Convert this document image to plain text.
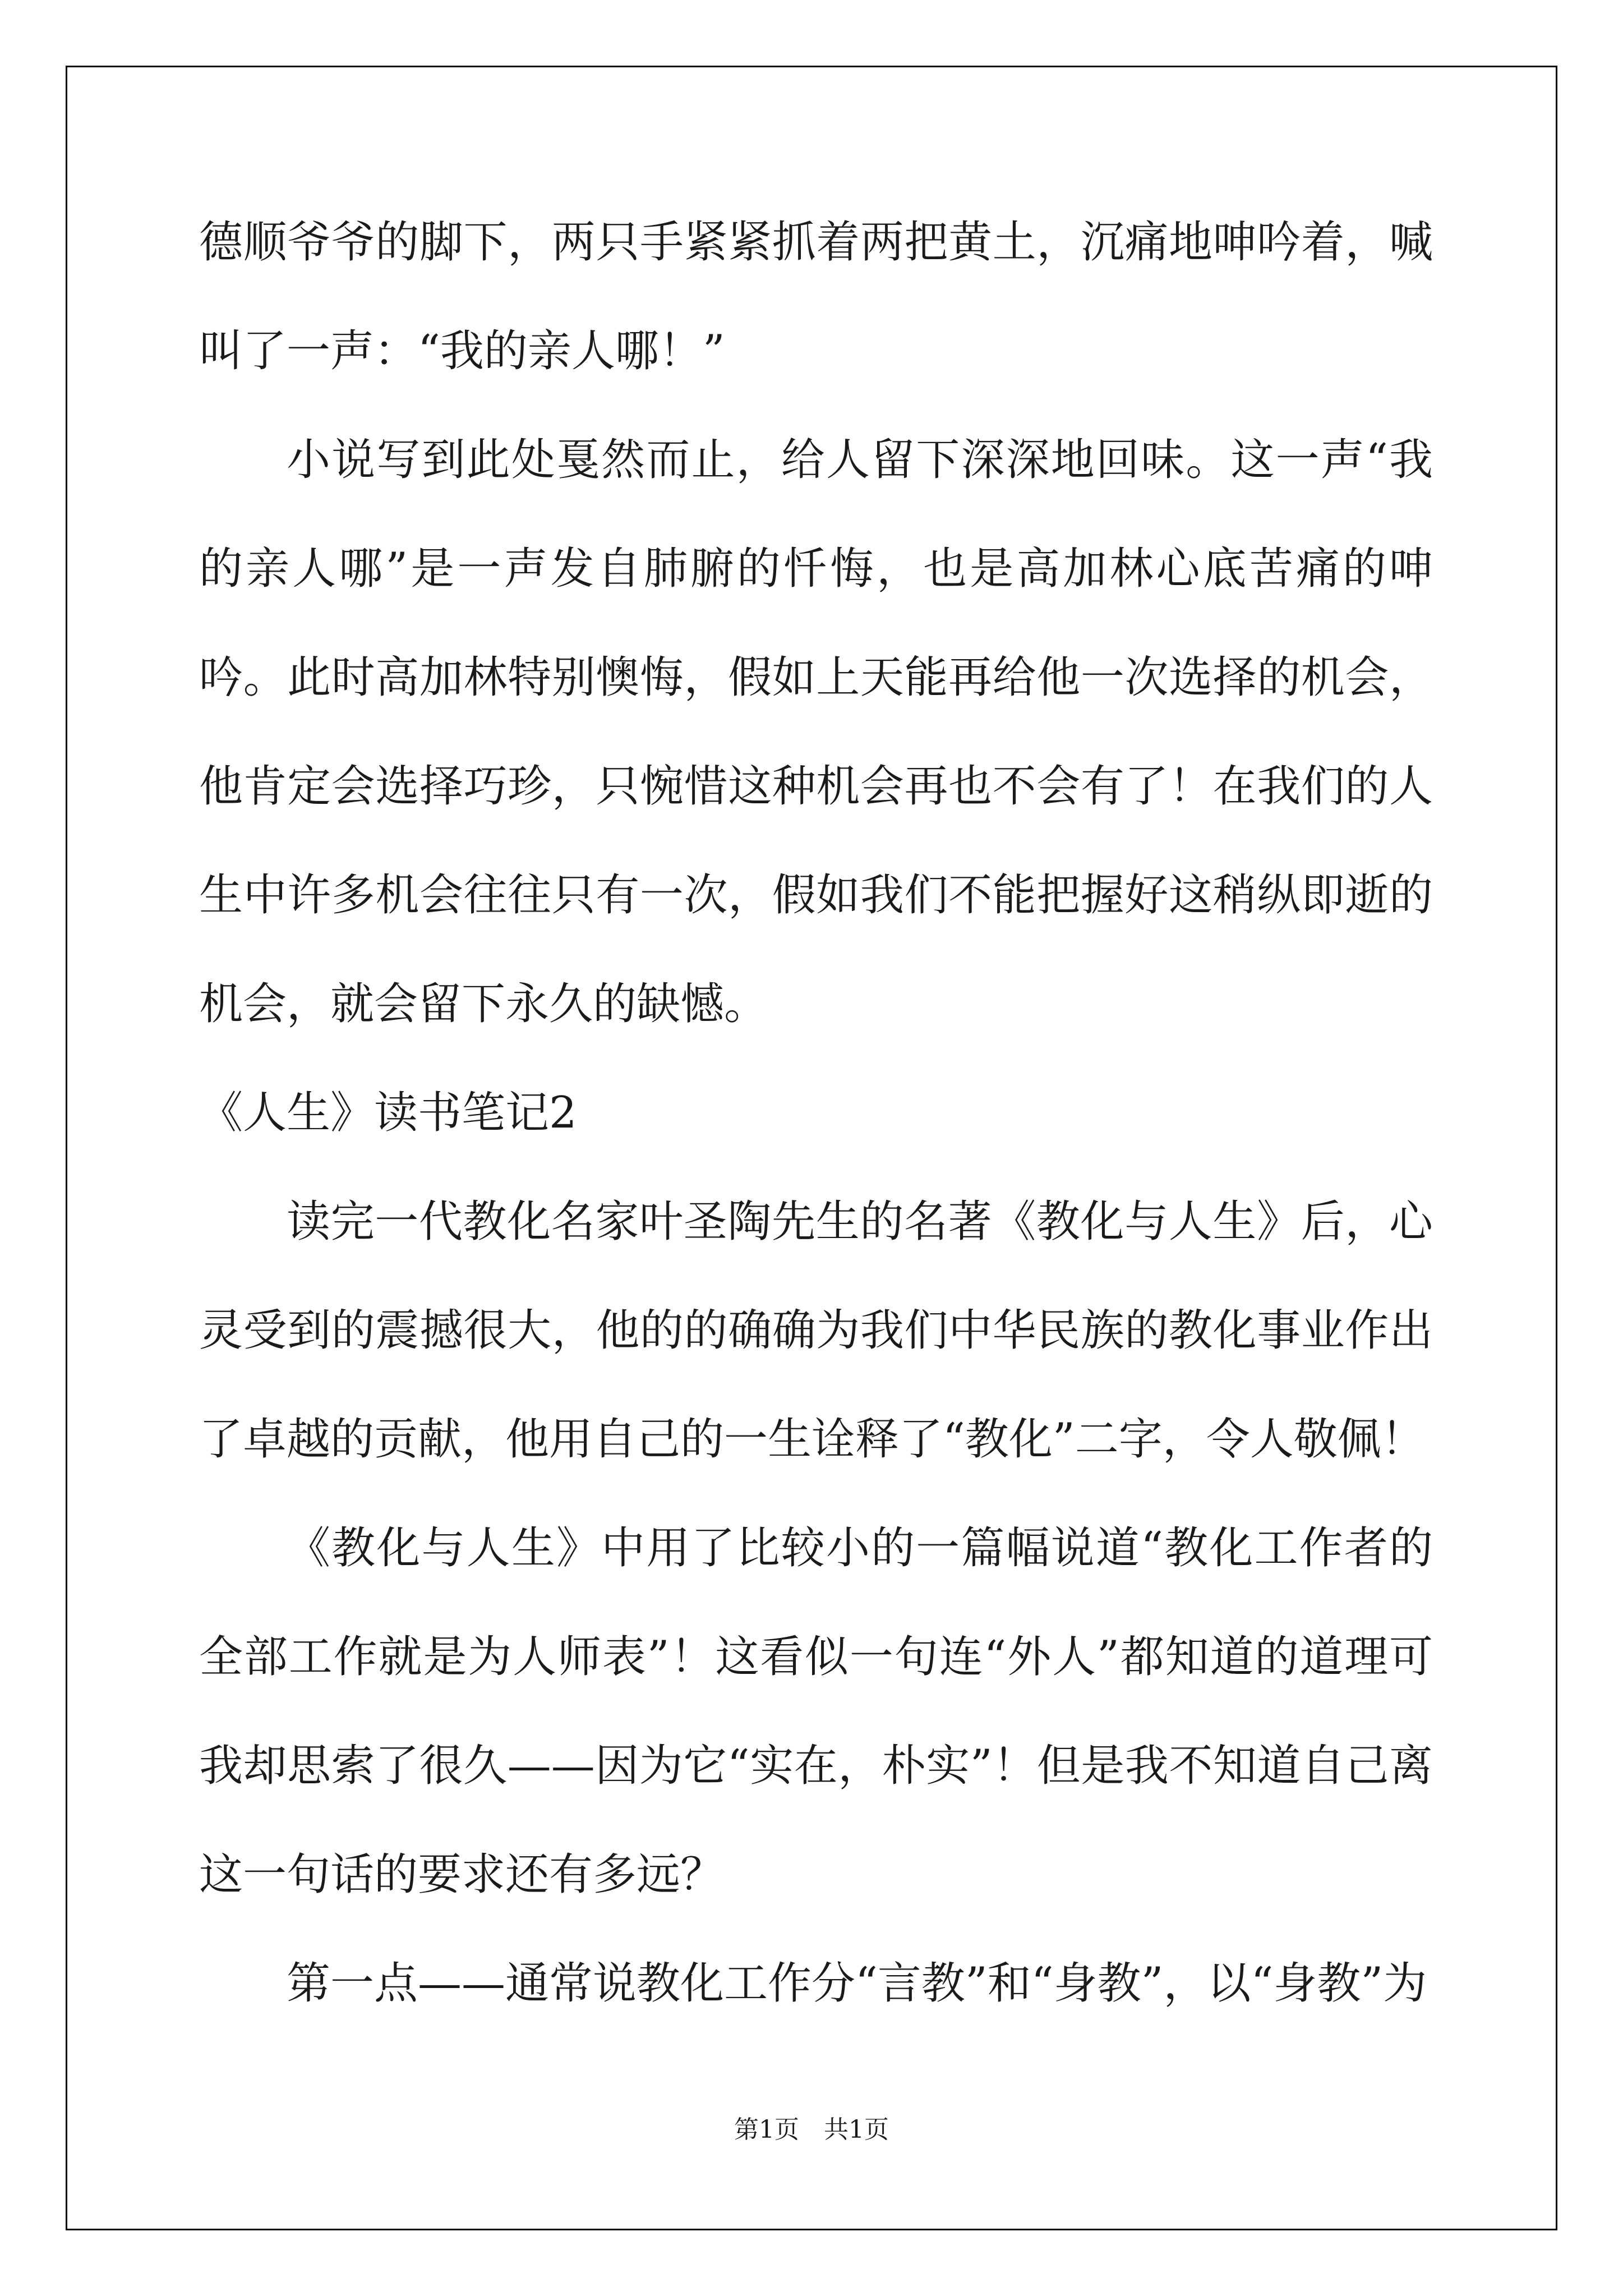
德顺爷爷的脚下，两只手紧紧抓着两把黄土，沉痛地呻吟着，喊叫了一声：“我的亲人哪！”

小说写到此处戛然而止，给人留下深深地回味。这一声“我的亲人哪”是一声发自肺腑的忏悔，也是高加林心底苦痛的呻吟。此时高加林特别懊悔，假如上天能再给他一次选择的机会，他肯定会选择巧珍，只惋惜这种机会再也不会有了！在我们的人生中许多机会往往只有一次，假如我们不能把握好这稍纵即逝的机会，就会留下永久的缺憾。

《人生》读书笔记2

读完一代教化名家叶圣陶先生的名著《教化与人生》后，心灵受到的震撼很大，他的的确确为我们中华民族的教化事业作出了卓越的贡献，他用自己的一生诠释了“教化”二字，令人敬佩！

《教化与人生》中用了比较小的一篇幅说道“教化工作者的全部工作就是为人师表”！这看似一句连“外人”都知道的道理可我却思索了很久——因为它“实在，朴实”！但是我不知道自己离这一句话的要求还有多远？

第一点——通常说教化工作分“言教”和“身教”，以“身教”为

第1页　共1页
